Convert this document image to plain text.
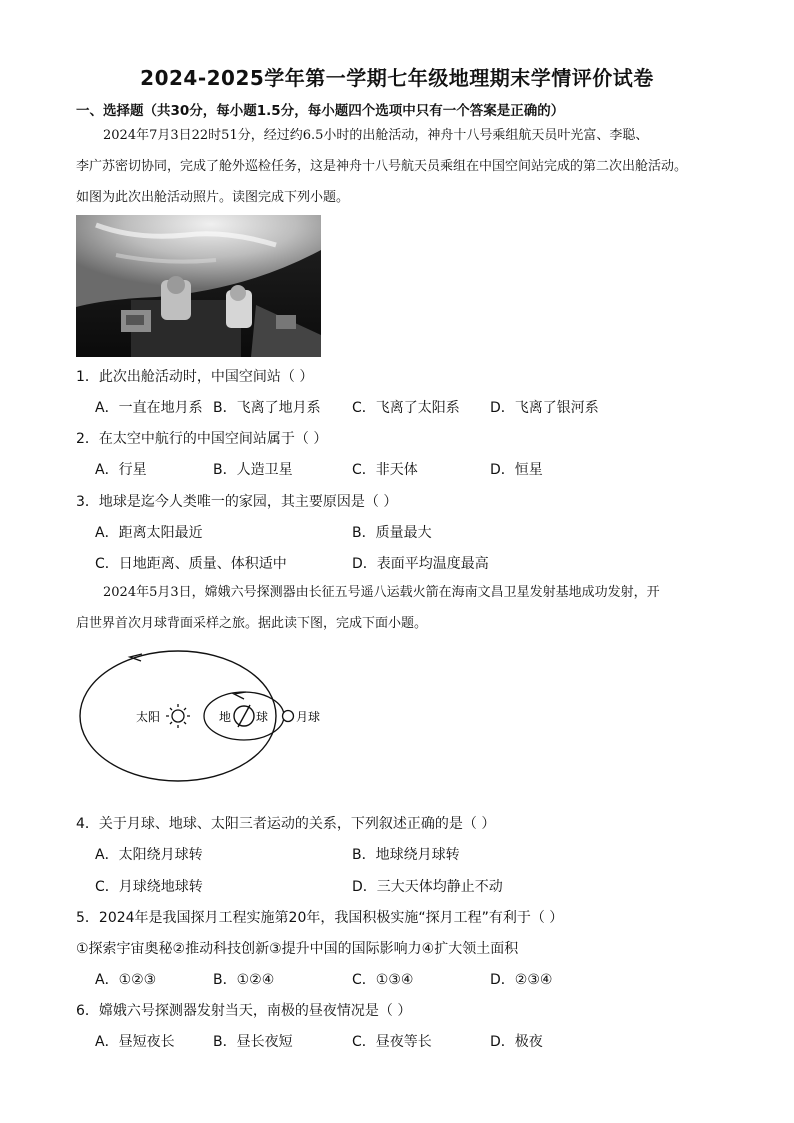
2024-2025学年第一学期七年级地理期末学情评价试卷
一、选择题（共30分，每小题1.5分，每小题四个选项中只有一个答案是正确的）
2024年7月3日22时51分，经过约6.5小时的出舱活动，神舟十八号乘组航天员叶光富、李聪、
李广苏密切协同，完成了舱外巡检任务，这是神舟十八号航天员乘组在中国空间站完成的第二次出舱活动。
如图为此次出舱活动照片。读图完成下列小题。
1．此次出舱活动时，中国空间站（ ）
A．一直在地月系 B．飞离了地月系 C．飞离了太阳系 D．飞离了银河系
2．在太空中航行的中国空间站属于（ ）
A．行星	B．人造卫星	C．非天体	D．恒星
3．地球是迄今人类唯一的家园，其主要原因是（ ）
A．距离太阳最近	B．质量最大
C．日地距离、质量、体积适中	D．表面平均温度最高
2024年5月3日，嫦娥六号探测器由长征五号遥八运载火箭在海南文昌卫星发射基地成功发射，开
启世界首次月球背面采样之旅。据此读下图，完成下面小题。
太阳	地 球 月球
4．关于月球、地球、太阳三者运动的关系，下列叙述正确的是（ ）
A．太阳绕月球转	B．地球绕月球转
C．月球绕地球转	D．三大天体均静止不动
5．2024年是我国探月工程实施第20年，我国积极实施“探月工程”有利于（ ）
①探索宇宙奥秘②推动科技创新③提升中国的国际影响力④扩大领土面积
A．①②③	B．①②④	C．①③④	D．②③④
6．嫦娥六号探测器发射当天，南极的昼夜情况是（ ）
A．昼短夜长	B．昼长夜短	C．昼夜等长	D．极夜
